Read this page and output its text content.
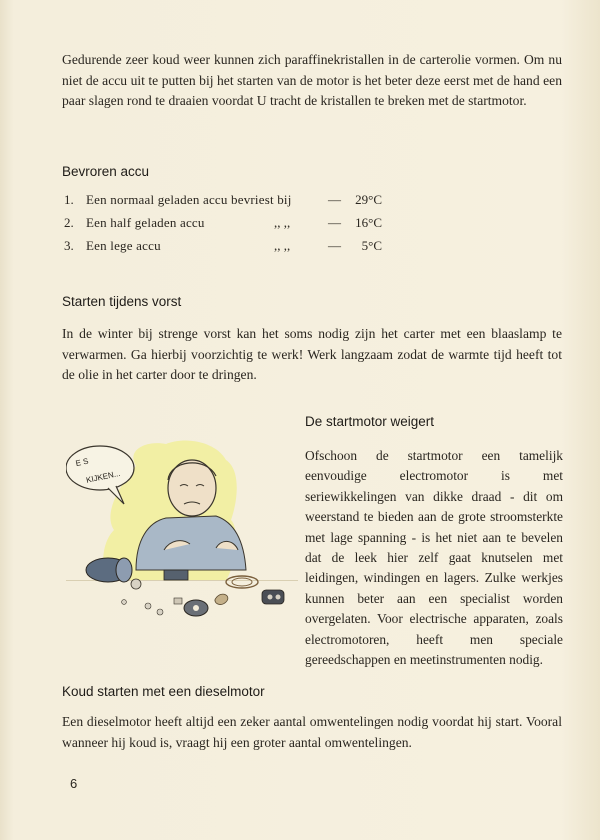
Gedurende zeer koud weer kunnen zich paraffinekristallen in de carterolie vormen. Om nu niet de accu uit te putten bij het starten van de motor is het beter deze eerst met de hand een paar slagen rond te draaien voordat U tracht de kristallen te breken met de startmotor.

Bevroren accu
1. Een normaal geladen accu bevriest bij	—	29°C
2. Een half geladen accu	,, ,,	—	16°C
3. Een lege accu	,, ,,	—	5°C
Starten tijdens vorst

In de winter bij strenge vorst kan het soms nodig zijn het carter met een blaaslamp te verwarmen. Ga hierbij voorzichtig te werk! Werk langzaam zodat de warmte tijd heeft tot de olie in het carter door te dringen.

De startmotor weigert

Ofschoon de startmotor een tamelijk eenvoudige electromotor is met seriewikkelingen van dikke draad - dit om weerstand te bieden aan de grote stroomsterkte met lage spanning - is het niet aan te bevelen dat de leek hier zelf gaat knutselen met leidingen, windingen en lagers. Zulke werkjes kunnen beter aan een specialist worden overgelaten. Voor electrische apparaten, zoals electromotoren, heeft men speciale gereedschappen en meetinstrumenten nodig.

E S
KIJKEN...
Koud starten met een dieselmotor

Een dieselmotor heeft altijd een zeker aantal omwentelingen nodig voordat hij start. Vooral wanneer hij koud is, vraagt hij een groter aantal omwentelingen.

6
